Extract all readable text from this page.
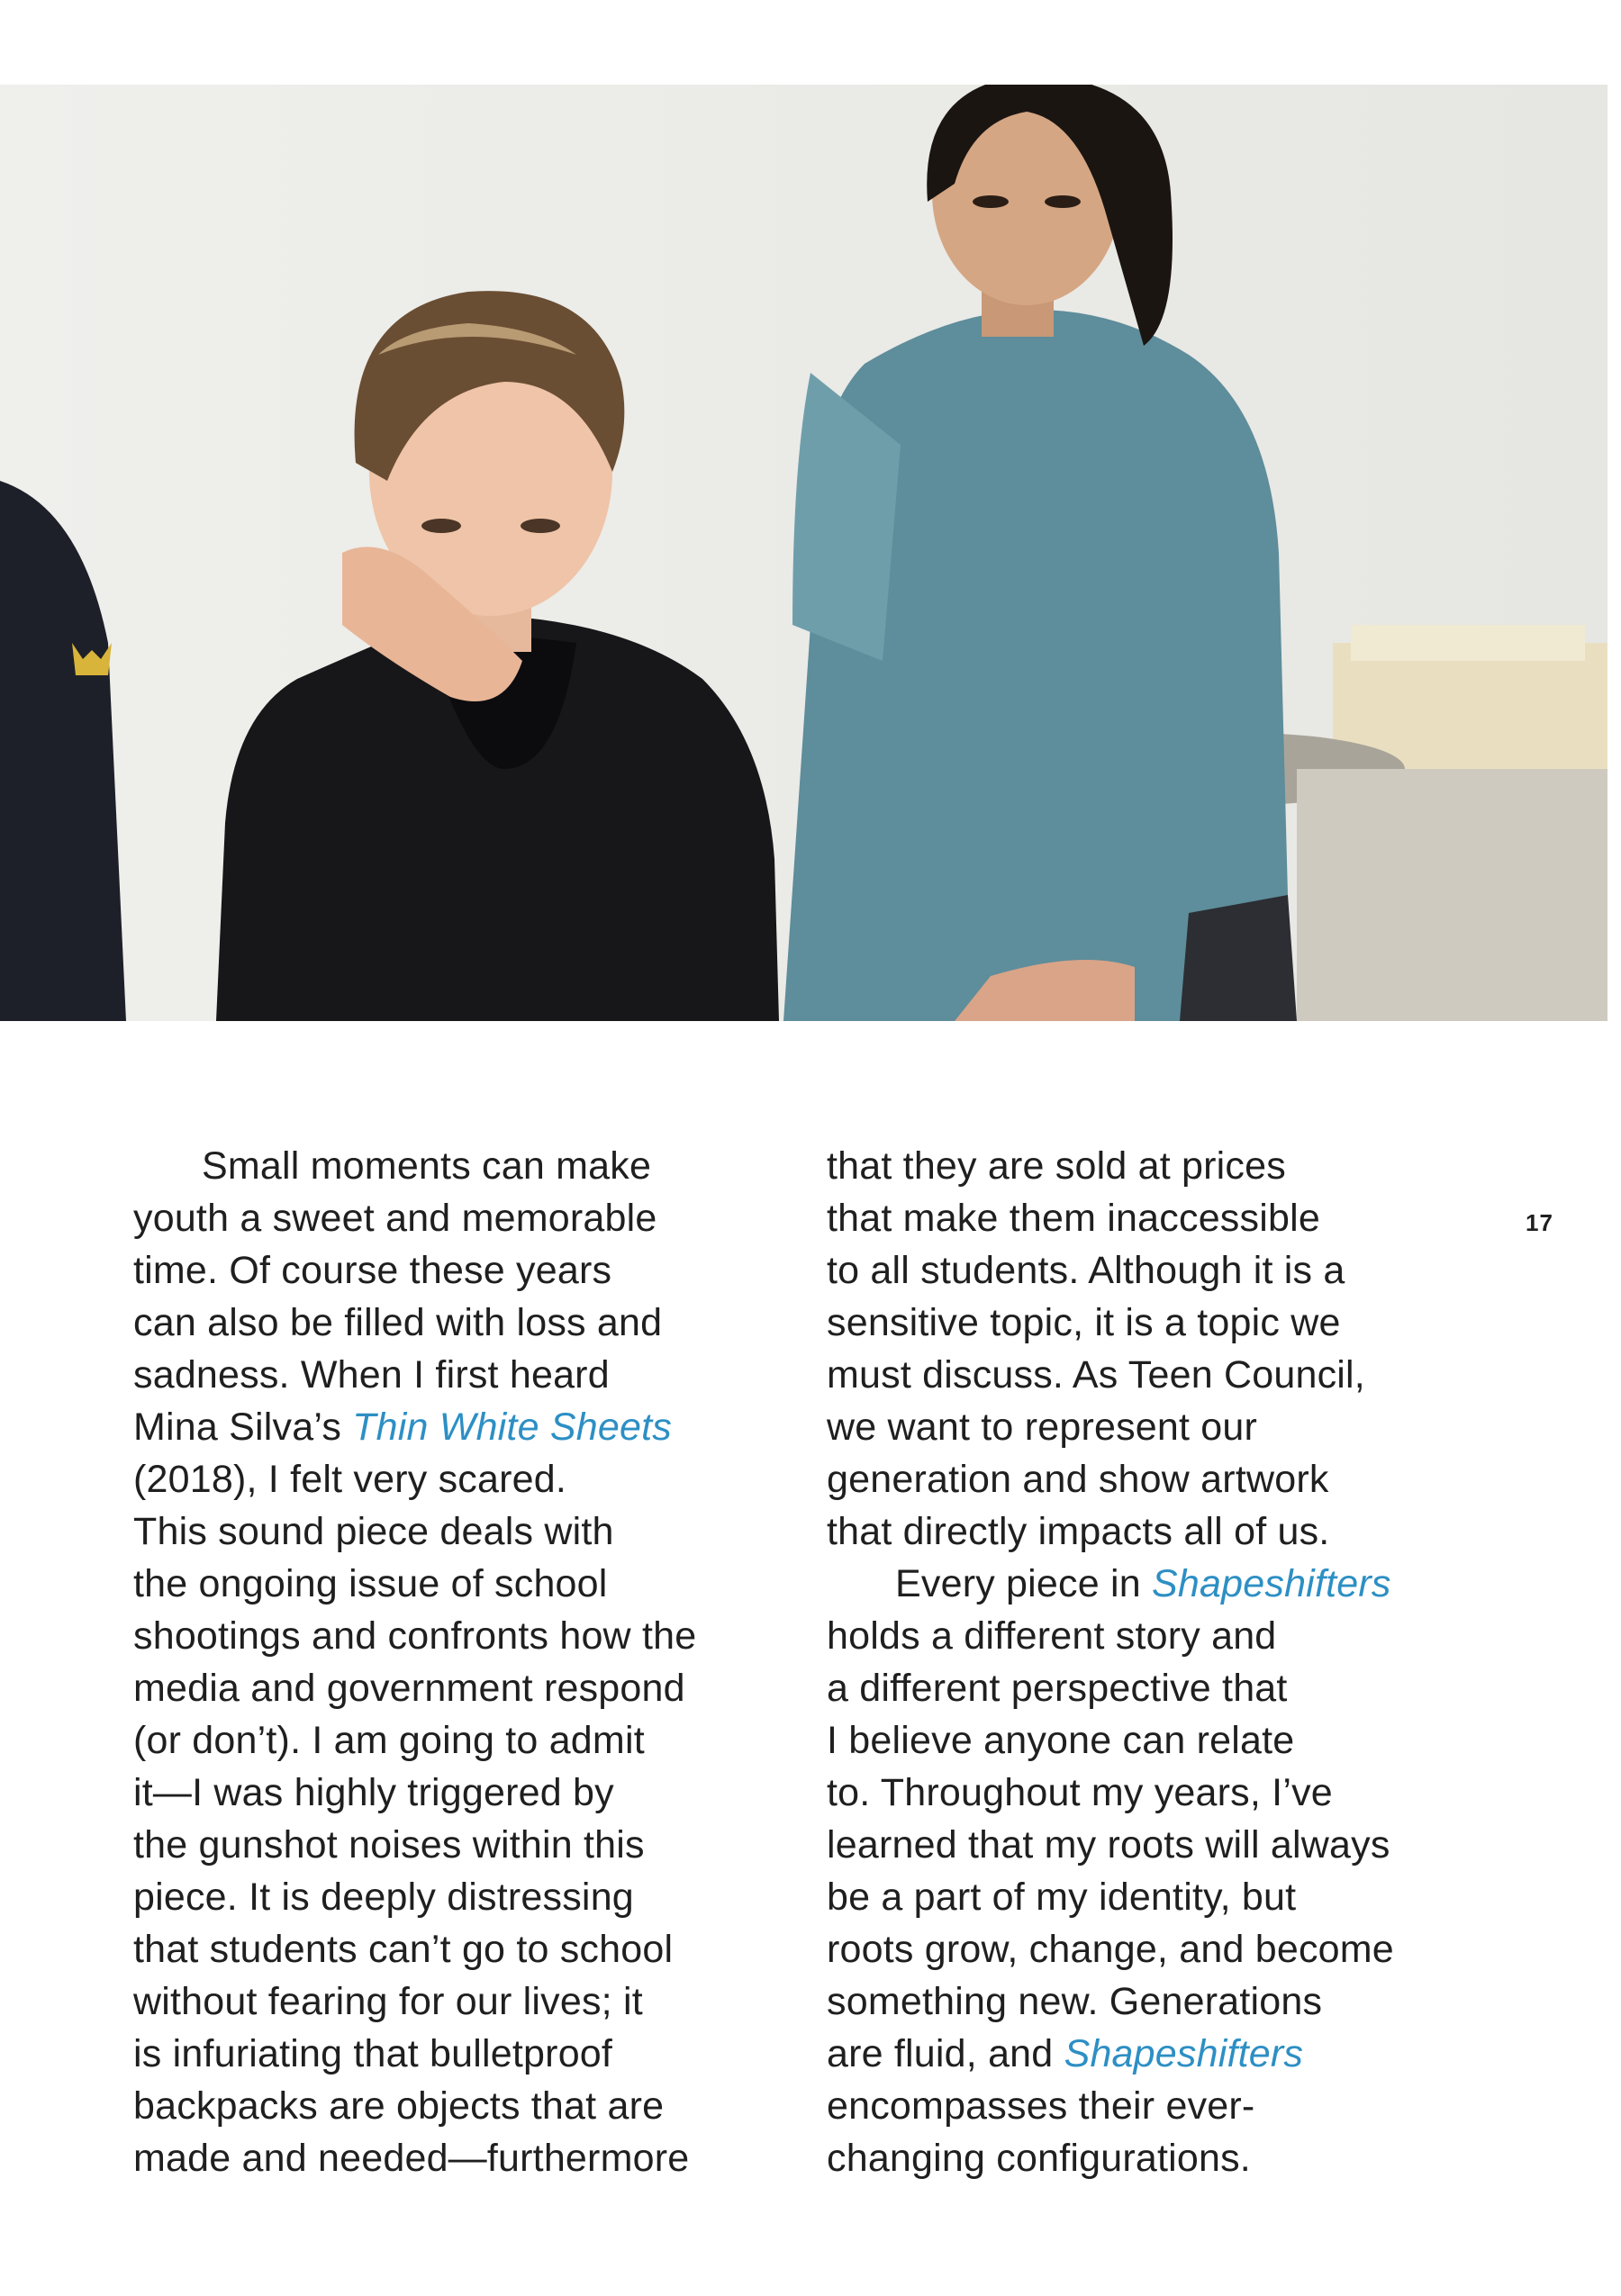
17
Small moments can make
youth a sweet and memorable
time. Of course these years
can also be filled with loss and
sadness. When I first heard
Mina Silva’s Thin White Sheets
(2018), I felt very scared.
This sound piece deals with
the ongoing issue of school
shootings and confronts how the
media and government respond
(or don’t). I am going to admit
it—I was highly triggered by
the gunshot noises within this
piece. It is deeply distressing
that students can’t go to school
without fearing for our lives; it
is infuriating that bulletproof
backpacks are objects that are
made and needed—furthermore
that they are sold at prices
that make them inaccessible
to all students. Although it is a
sensitive topic, it is a topic we
must discuss. As Teen Council,
we want to represent our
generation and show artwork
that directly impacts all of us.
Every piece in Shapeshifters
holds a different story and
a different perspective that
I believe anyone can relate
to. Throughout my years, I’ve
learned that my roots will always
be a part of my identity, but
roots grow, change, and become
something new. Generations
are fluid, and Shapeshifters
encompasses their ever-
changing configurations.
